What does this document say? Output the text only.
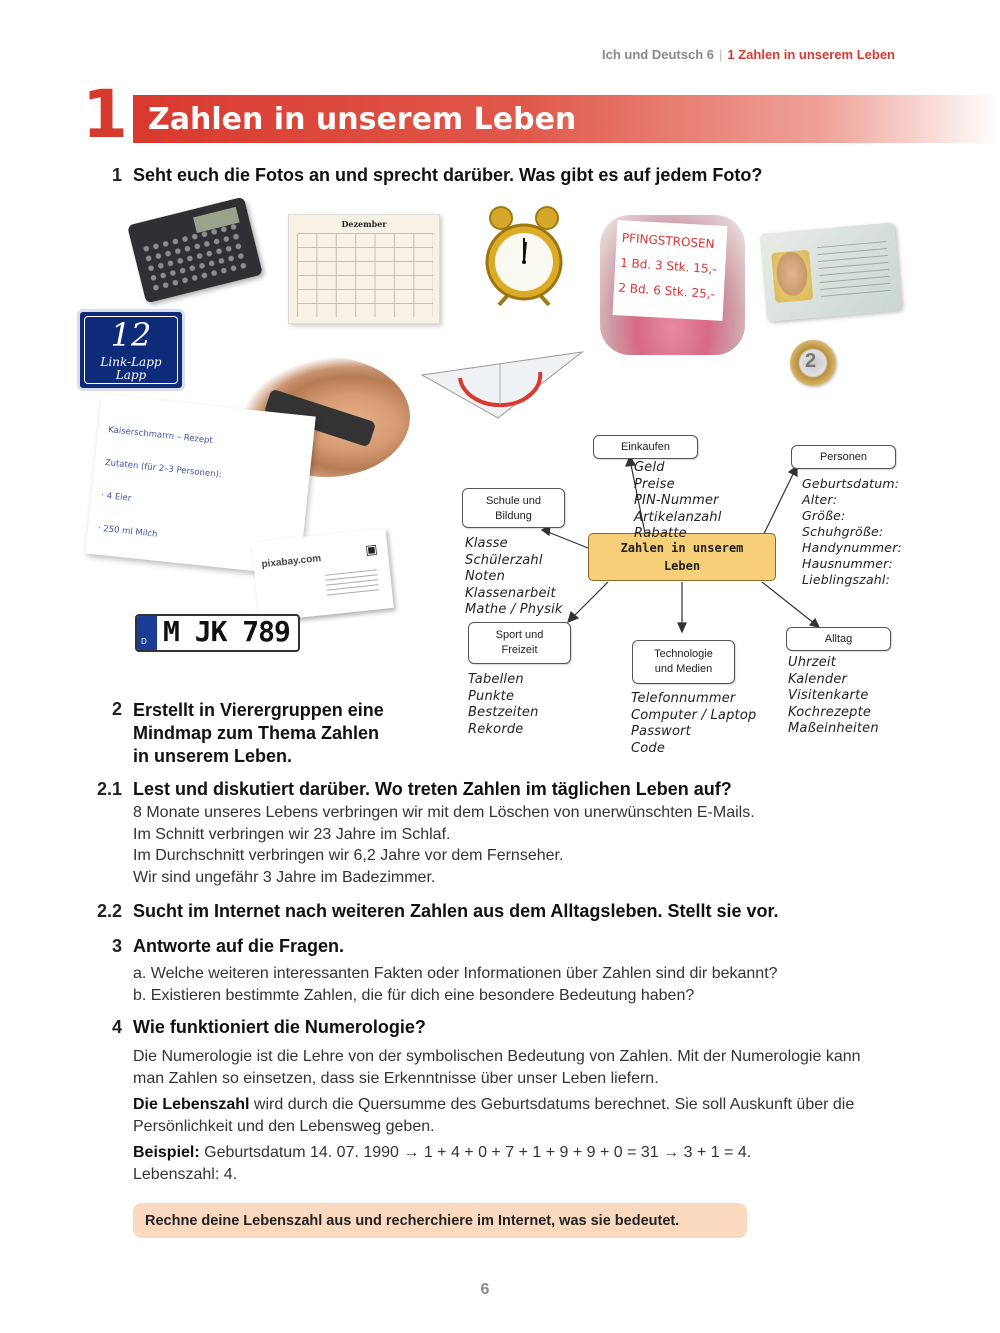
Ich und Deutsch 6 | 1 Zahlen in unserem Leben
1 Zahlen in unserem Leben
1 Seht euch die Fotos an und sprecht darüber. Was gibt es auf jedem Foto?
Dezember
PFINGSTROSEN
1 Bd. 3 Stk. 15,-
2 Bd. 6 Stk. 25,-
2
12
Link-Lapp
Lapp

Kaiserschmarrn – Rezept

Zutaten (für 2–3 Personen):

· 4 Eier

· 250 ml Milch

· 150 g Mehl

	pixabay.com
▣
D M JK 789
Zahlen in unserem
Leben
Einkaufen
Geld
Preise
PIN-Nummer
Artikelanzahl
Rabatte
Personen
Geburtsdatum:
Alter:
Größe:
Schuhgröße:
Handynummer:
Hausnummer:
Lieblingszahl:
Schule und
Bildung
Klasse
Schülerzahl
Noten
Klassenarbeit
Mathe / Physik
Sport und
Freizeit
Tabellen
Punkte
Bestzeiten
Rekorde
Technologie
und Medien
Telefonnummer
Computer / Laptop
Passwort
Code
Alltag
Uhrzeit
Kalender
Visitenkarte
Kochrezepte
Maßeinheiten
2 Erstellt in Vierergruppen eine
Mindmap zum Thema Zahlen
in unserem Leben.
2.1 Lest und diskutiert darüber. Wo treten Zahlen im täglichen Leben auf?
8 Monate unseres Lebens verbringen wir mit dem Löschen von unerwünschten E-Mails.
Im Schnitt verbringen wir 23 Jahre im Schlaf.
Im Durchschnitt verbringen wir 6,2 Jahre vor dem Fernseher.
Wir sind ungefähr 3 Jahre im Badezimmer.
2.2 Sucht im Internet nach weiteren Zahlen aus dem Alltagsleben. Stellt sie vor.
3 Antworte auf die Fragen.
a. Welche weiteren interessanten Fakten oder Informationen über Zahlen sind dir bekannt?
b. Existieren bestimmte Zahlen, die für dich eine besondere Bedeutung haben?
4 Wie funktioniert die Numerologie?
Die Numerologie ist die Lehre von der symbolischen Bedeutung von Zahlen. Mit der Numerologie kann
man Zahlen so einsetzen, dass sie Erkenntnisse über unser Leben liefern.
Die Lebenszahl wird durch die Quersumme des Geburtsdatums berechnet. Sie soll Auskunft über die
Persönlichkeit und den Lebensweg geben.
Beispiel: Geburtsdatum 14. 07. 1990 → 1 + 4 + 0 + 7 + 1 + 9 + 9 + 0 = 31 → 3 + 1 = 4.
Lebenszahl: 4.
Rechne deine Lebenszahl aus und recherchiere im Internet, was sie bedeutet.
6
